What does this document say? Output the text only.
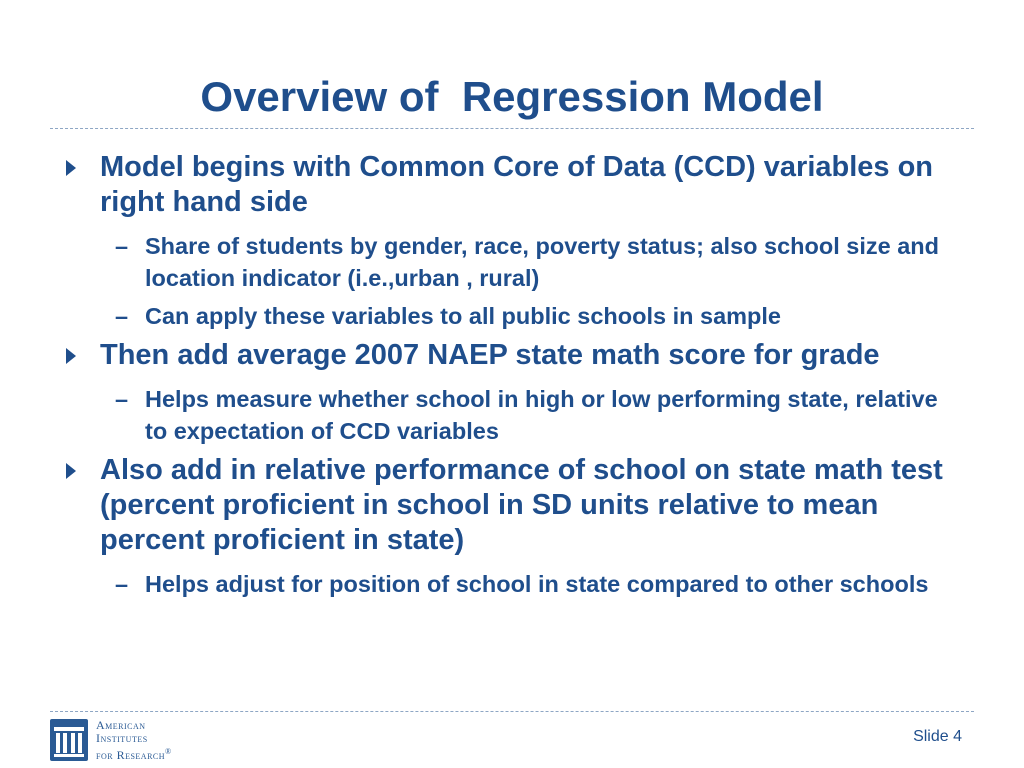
Overview of  Regression Model
Model begins with Common Core of Data (CCD) variables on right hand side
– Share of students by gender, race, poverty status; also school size and location indicator (i.e.,urban , rural)
– Can apply these variables to all public schools in sample
Then add average 2007 NAEP state math score for grade
– Helps measure whether school in high or low performing state, relative to expectation of CCD variables
Also add in relative performance of school on state math test (percent proficient in school in SD units relative to mean percent proficient in state)
– Helps adjust for position of school in state compared to other schools
American
Institutes
for Research®
Slide 4
